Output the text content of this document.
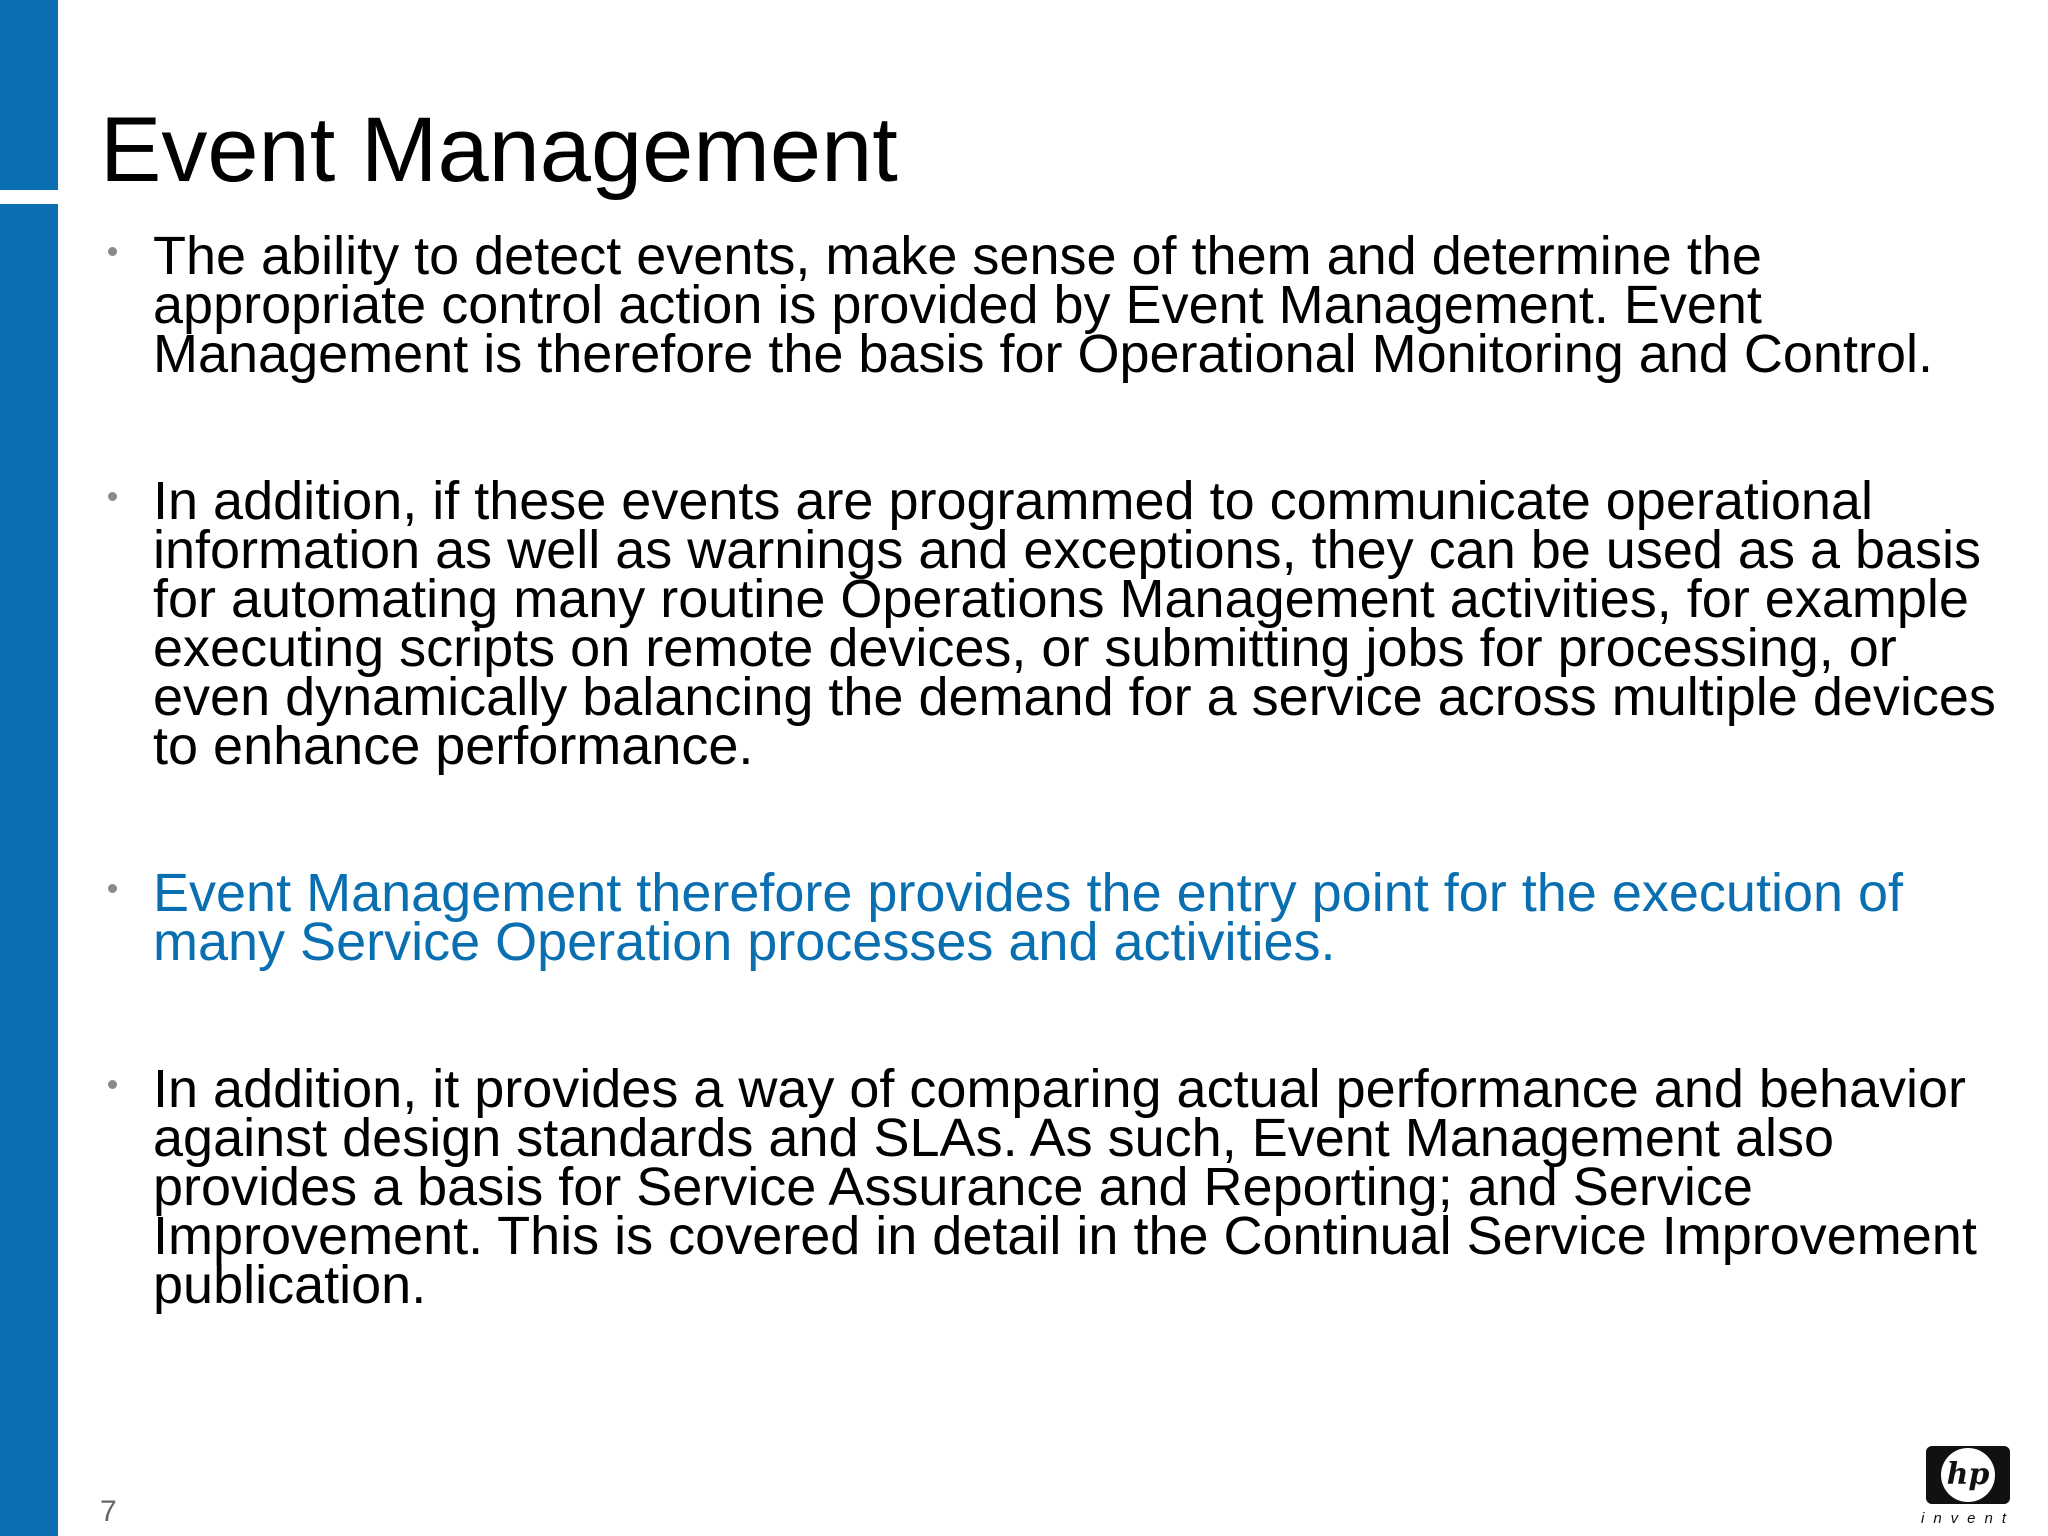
Event Management
The ability to detect events, make sense of them and determine the appropriate control action is provided by Event Management. Event Management is therefore the basis for Operational Monitoring and Control.
In addition, if these events are programmed to communicate operational information as well as warnings and exceptions, they can be used as a basis for automating many routine Operations Management activities, for example executing scripts on remote devices, or submitting jobs for processing, or even dynamically balancing the demand for a service across multiple devices to enhance performance.
Event Management therefore provides the entry point for the execution of many Service Operation processes and activities.
In addition, it provides a way of comparing actual performance and behavior against design standards and SLAs. As such, Event Management also provides a basis for Service Assurance and Reporting; and Service Improvement. This is covered in detail in the Continual Service Improvement publication.
7
hp
invent
